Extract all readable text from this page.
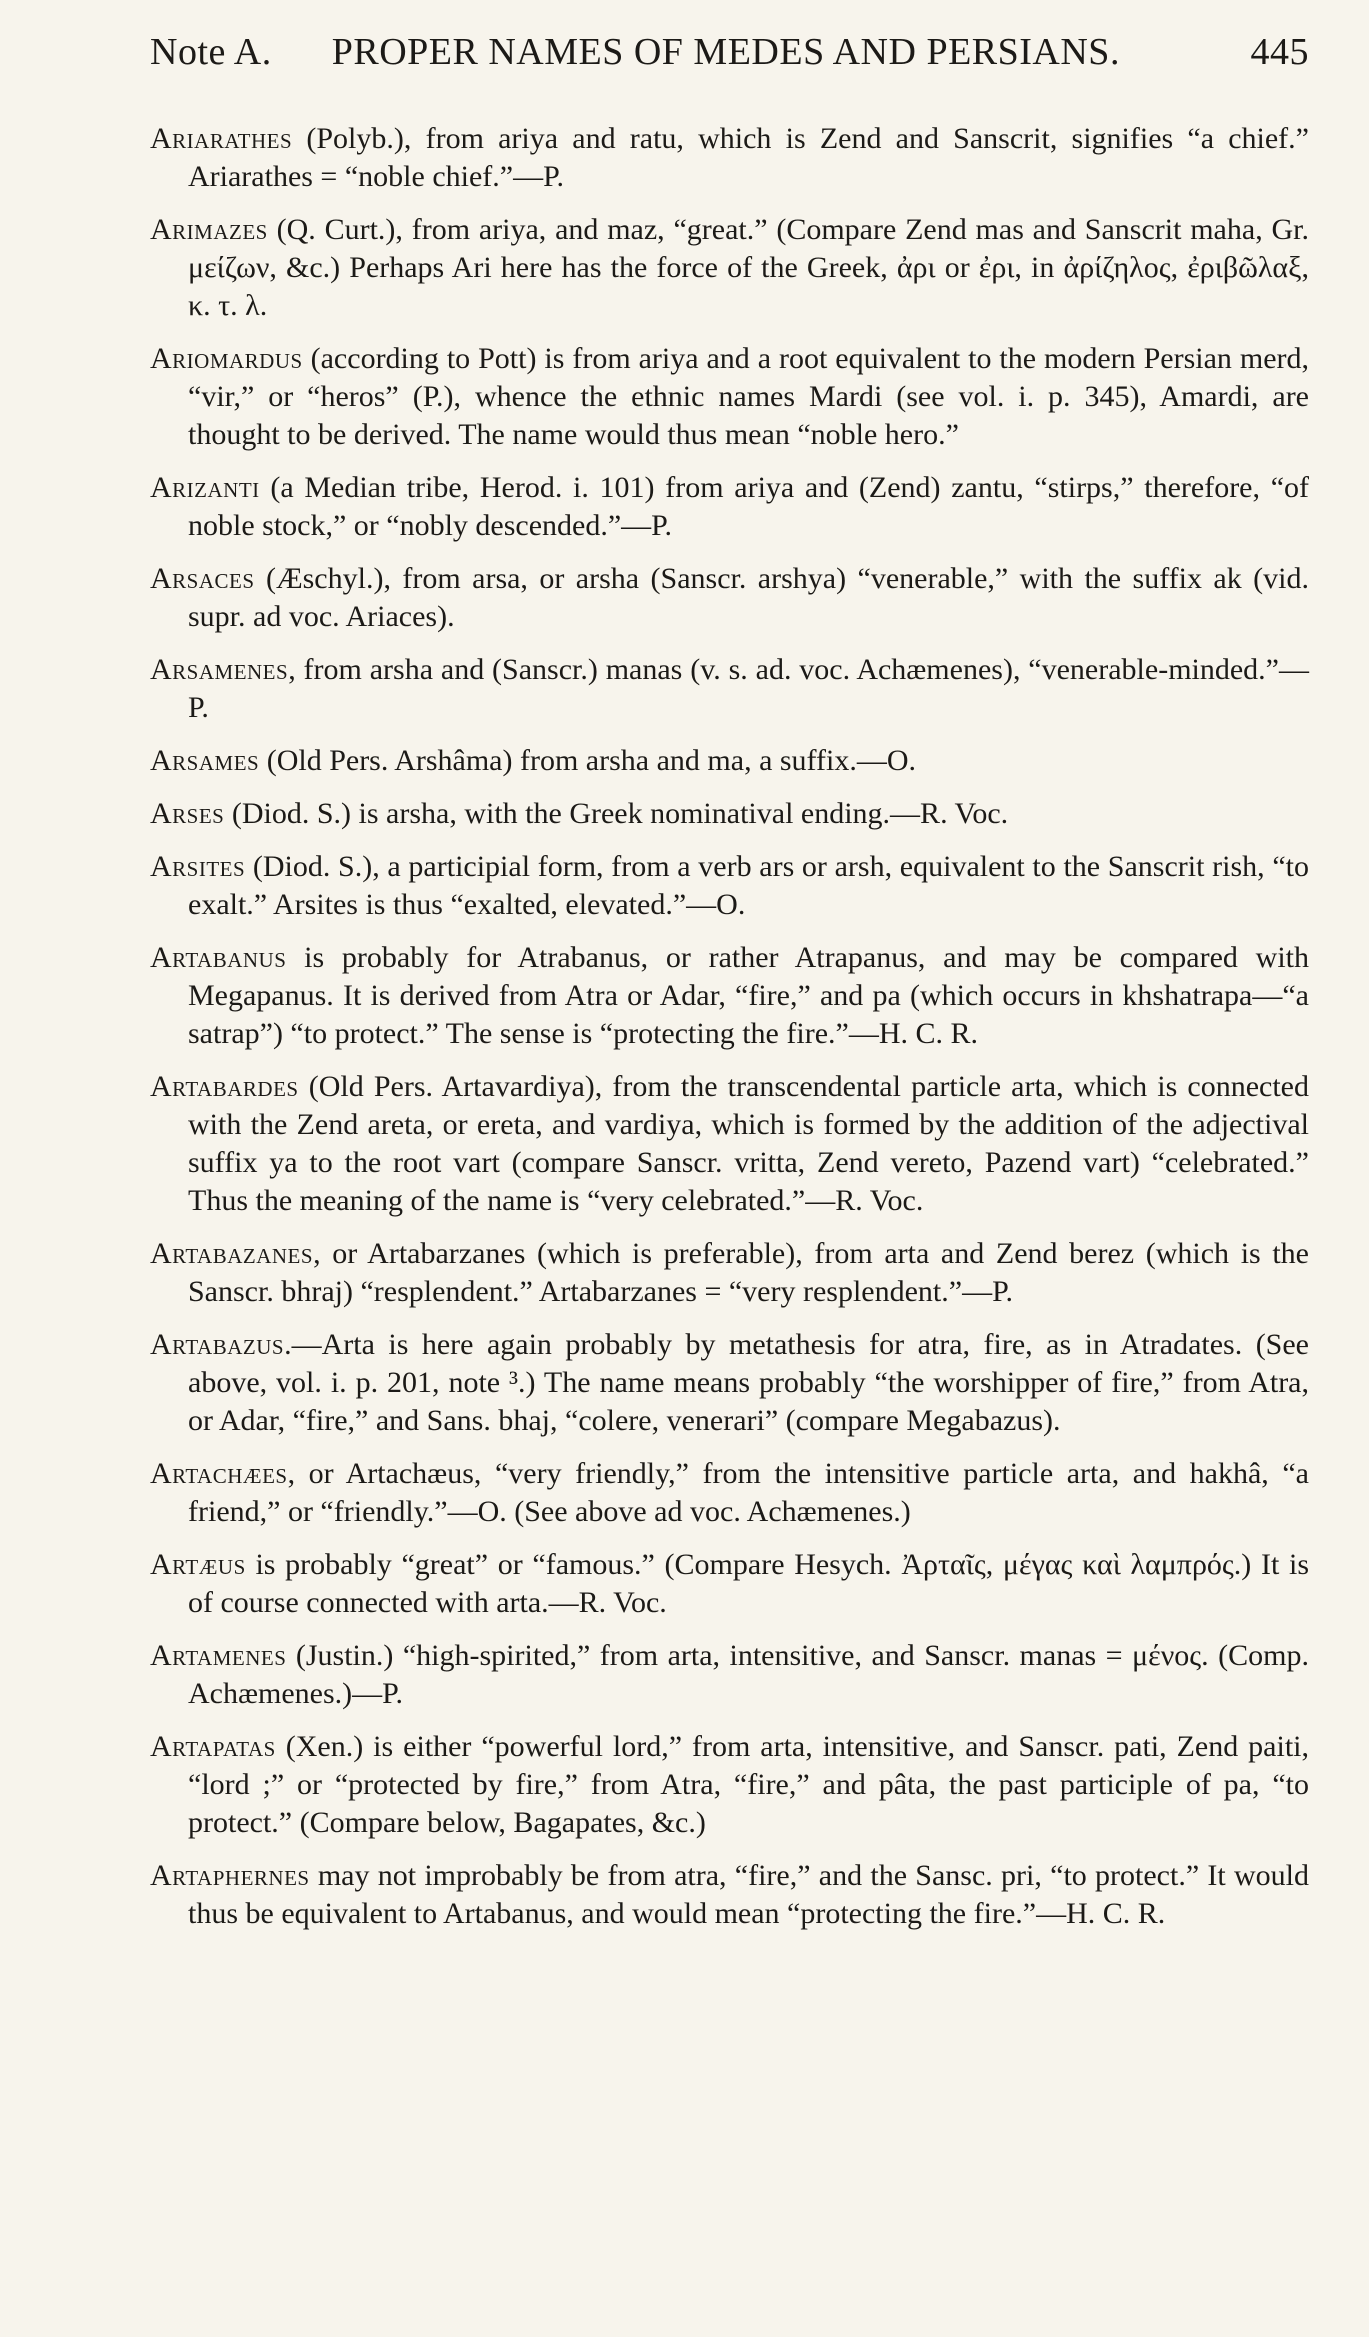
Note A. PROPER NAMES OF MEDES AND PERSIANS.	445

Ariarathes (Polyb.), from ariya and ratu, which is Zend and Sanscrit, signifies “a chief.” Ariarathes = “noble chief.”—P.

Arimazes (Q. Curt.), from ariya, and maz, “great.” (Compare Zend mas and Sanscrit maha, Gr. μείζων, &c.) Perhaps Ari here has the force of the Greek, ἀρι or ἐρι, in ἀρίζηλος, ἐριβῶλαξ, κ. τ. λ.

Ariomardus (according to Pott) is from ariya and a root equivalent to the modern Persian merd, “vir,” or “heros” (P.), whence the ethnic names Mardi (see vol. i. p. 345), Amardi, are thought to be derived. The name would thus mean “noble hero.”

Arizanti (a Median tribe, Herod. i. 101) from ariya and (Zend) zantu, “stirps,” therefore, “of noble stock,” or “nobly descended.”—P.

Arsaces (Æschyl.), from arsa, or arsha (Sanscr. arshya) “venerable,” with the suffix ak (vid. supr. ad voc. Ariaces).

Arsamenes, from arsha and (Sanscr.) manas (v. s. ad. voc. Achæmenes), “venerable-minded.”—P.

Arsames (Old Pers. Arshâma) from arsha and ma, a suffix.—O.

Arses (Diod. S.) is arsha, with the Greek nominatival ending.—R. Voc.

Arsites (Diod. S.), a participial form, from a verb ars or arsh, equivalent to the Sanscrit rish, “to exalt.” Arsites is thus “exalted, elevated.”—O.

Artabanus is probably for Atrabanus, or rather Atrapanus, and may be compared with Megapanus. It is derived from Atra or Adar, “fire,” and pa (which occurs in khshatrapa—“a satrap”) “to protect.” The sense is “protecting the fire.”—H. C. R.

Artabardes (Old Pers. Artavardiya), from the transcendental particle arta, which is connected with the Zend areta, or ereta, and vardiya, which is formed by the addition of the adjectival suffix ya to the root vart (compare Sanscr. vritta, Zend vereto, Pazend vart) “celebrated.” Thus the meaning of the name is “very celebrated.”—R. Voc.

Artabazanes, or Artabarzanes (which is preferable), from arta and Zend berez (which is the Sanscr. bhraj) “resplendent.” Artabarzanes = “very resplendent.”—P.

Artabazus.—Arta is here again probably by metathesis for atra, fire, as in Atradates. (See above, vol. i. p. 201, note ³.) The name means probably “the worshipper of fire,” from Atra, or Adar, “fire,” and Sans. bhaj, “colere, venerari” (compare Megabazus).

Artachæes, or Artachæus, “very friendly,” from the intensitive particle arta, and hakhâ, “a friend,” or “friendly.”—O. (See above ad voc. Achæmenes.)

Artæus is probably “great” or “famous.” (Compare Hesych. Ἀρταῖς, μέγας καὶ λαμπρός.) It is of course connected with arta.—R. Voc.

Artamenes (Justin.) “high-spirited,” from arta, intensitive, and Sanscr. manas = μένος. (Comp. Achæmenes.)—P.

Artapatas (Xen.) is either “powerful lord,” from arta, intensitive, and Sanscr. pati, Zend paiti, “lord ;” or “protected by fire,” from Atra, “fire,” and pâta, the past participle of pa, “to protect.” (Compare below, Bagapates, &c.)

Artaphernes may not improbably be from atra, “fire,” and the Sansc. pri, “to protect.” It would thus be equivalent to Artabanus, and would mean “protecting the fire.”—H. C. R.
